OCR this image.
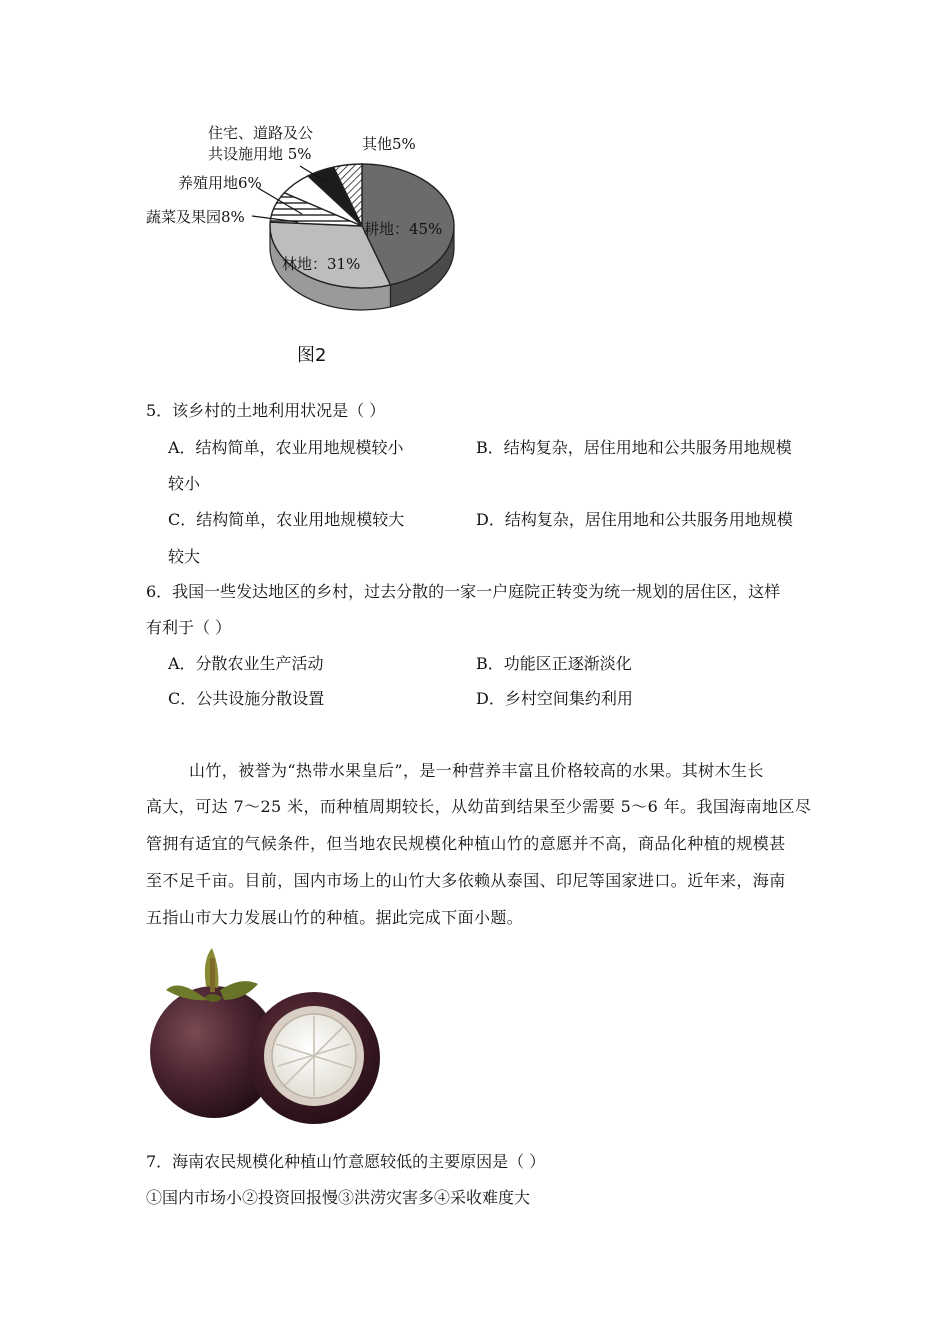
住宅、道路及公
共设施用地 5%
其他5%
养殖用地6%
蔬菜及果园8%
耕地：45%
林地：31%
图2
5．该乡村的土地利用状况是（ ）
A．结构简单，农业用地规模较小	B．结构复杂，居住用地和公共服务用地规模
较小
C．结构简单，农业用地规模较大	D．结构复杂，居住用地和公共服务用地规模
较大
6．我国一些发达地区的乡村，过去分散的一家一户庭院正转变为统一规划的居住区，这样
有利于（ ）
A．分散农业生产活动	B．功能区正逐渐淡化
C．公共设施分散设置	D．乡村空间集约利用
山竹，被誉为“热带水果皇后”，是一种营养丰富且价格较高的水果。其树木生长
高大，可达 7～25 米，而种植周期较长，从幼苗到结果至少需要 5～6 年。我国海南地区尽
管拥有适宜的气候条件，但当地农民规模化种植山竹的意愿并不高，商品化种植的规模甚
至不足千亩。目前，国内市场上的山竹大多依赖从泰国、印尼等国家进口。近年来，海南
五指山市大力发展山竹的种植。据此完成下面小题。
7．海南农民规模化种植山竹意愿较低的主要原因是（ ）
①国内市场小②投资回报慢③洪涝灾害多④采收难度大
